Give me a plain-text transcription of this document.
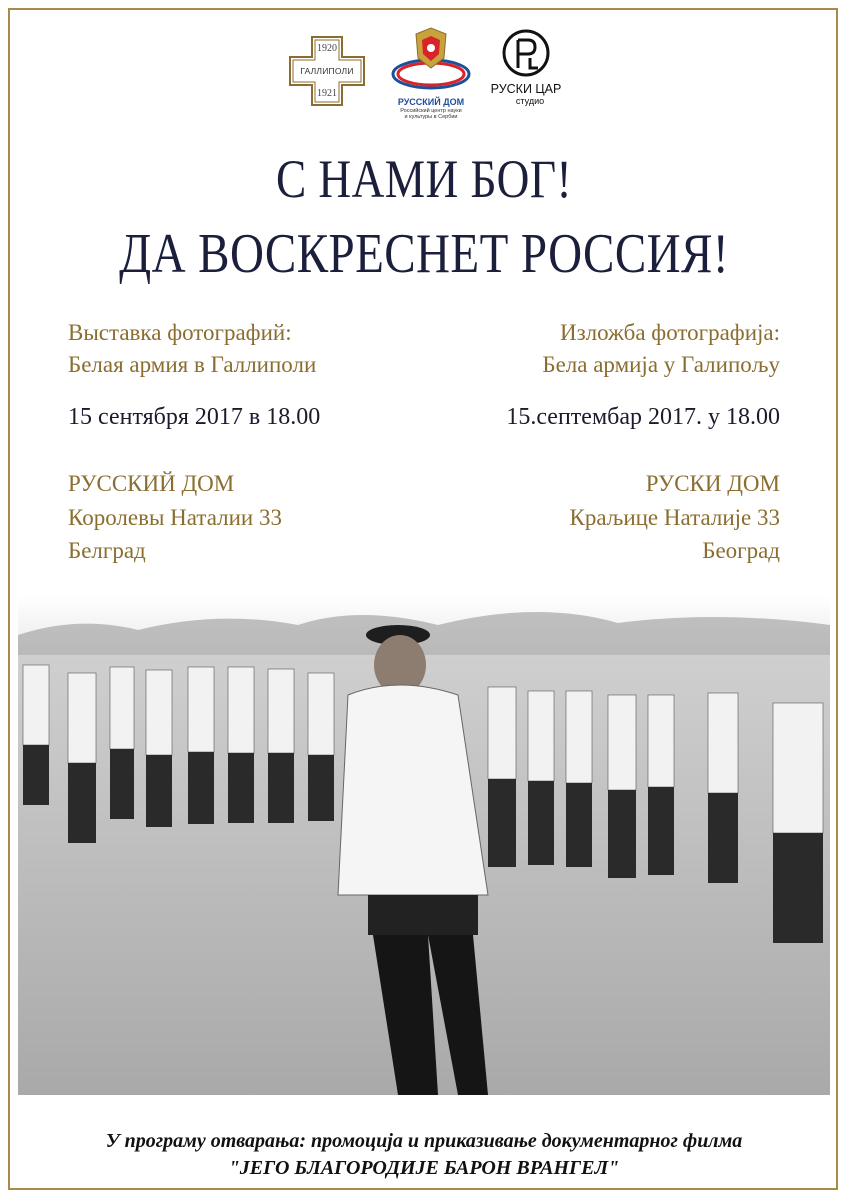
1920
ГАЛЛИПОЛИ
1921
РУССКИЙ ДОМ
Российский центр науки
и культуры в Сербии
РУСКИ ЦАР
студио
С НАМИ БОГ!
ДА ВОСКРЕСНЕТ РОССИЯ!
Выставка фотографий:
Белая армия в Галлиполи
15 сентября 2017 в 18.00
РУССКИЙ ДОМ
Королевы Наталии 33
Белград
Изложба фотографија:
Бела армија у Галипољу
15.септембар 2017. у 18.00
РУСКИ ДОМ
Краљице Наталије 33
Београд
У програму отварања: промоција и приказивање документарног филма
"ЈЕГО БЛАГОРОДИЈЕ БАРОН ВРАНГЕЛ"
